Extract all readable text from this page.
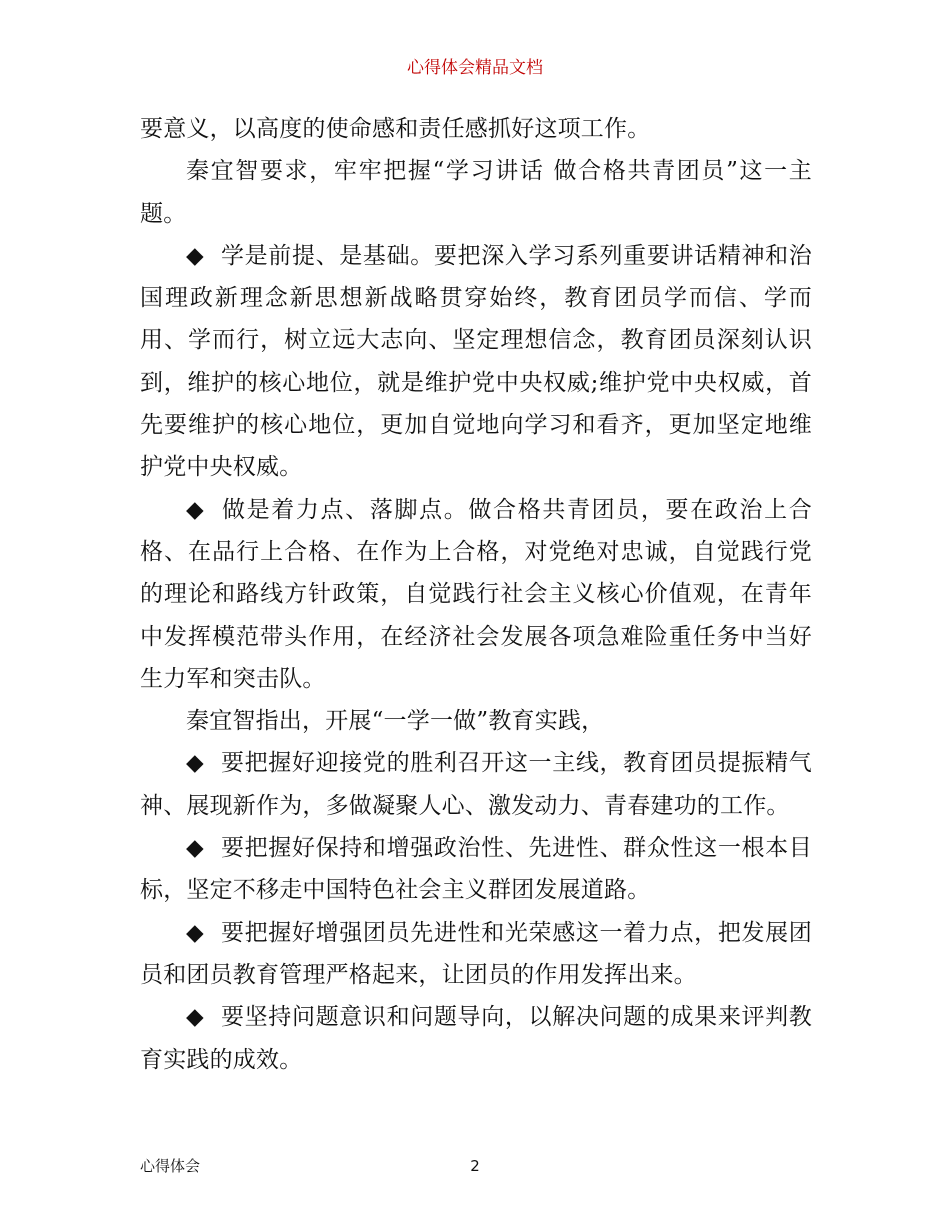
心得体会精品文档

要意义，以高度的使命感和责任感抓好这项工作。

秦宜智要求，牢牢把握“学习讲话 做合格共青团员”这一主题。

◆ 学是前提、是基础。要把深入学习系列重要讲话精神和治国理政新理念新思想新战略贯穿始终，教育团员学而信、学而用、学而行，树立远大志向、坚定理想信念，教育团员深刻认识到，维护的核心地位，就是维护党中央权威;维护党中央权威，首先要维护的核心地位，更加自觉地向学习和看齐，更加坚定地维护党中央权威。

◆ 做是着力点、落脚点。做合格共青团员，要在政治上合格、在品行上合格、在作为上合格，对党绝对忠诚，自觉践行党的理论和路线方针政策，自觉践行社会主义核心价值观，在青年中发挥模范带头作用，在经济社会发展各项急难险重任务中当好生力军和突击队。

秦宜智指出，开展“一学一做”教育实践，

◆ 要把握好迎接党的胜利召开这一主线，教育团员提振精气神、展现新作为，多做凝聚人心、激发动力、青春建功的工作。

◆ 要把握好保持和增强政治性、先进性、群众性这一根本目标，坚定不移走中国特色社会主义群团发展道路。

◆ 要把握好增强团员先进性和光荣感这一着力点，把发展团员和团员教育管理严格起来，让团员的作用发挥出来。

◆ 要坚持问题意识和问题导向，以解决问题的成果来评判教育实践的成效。

心得体会	2
